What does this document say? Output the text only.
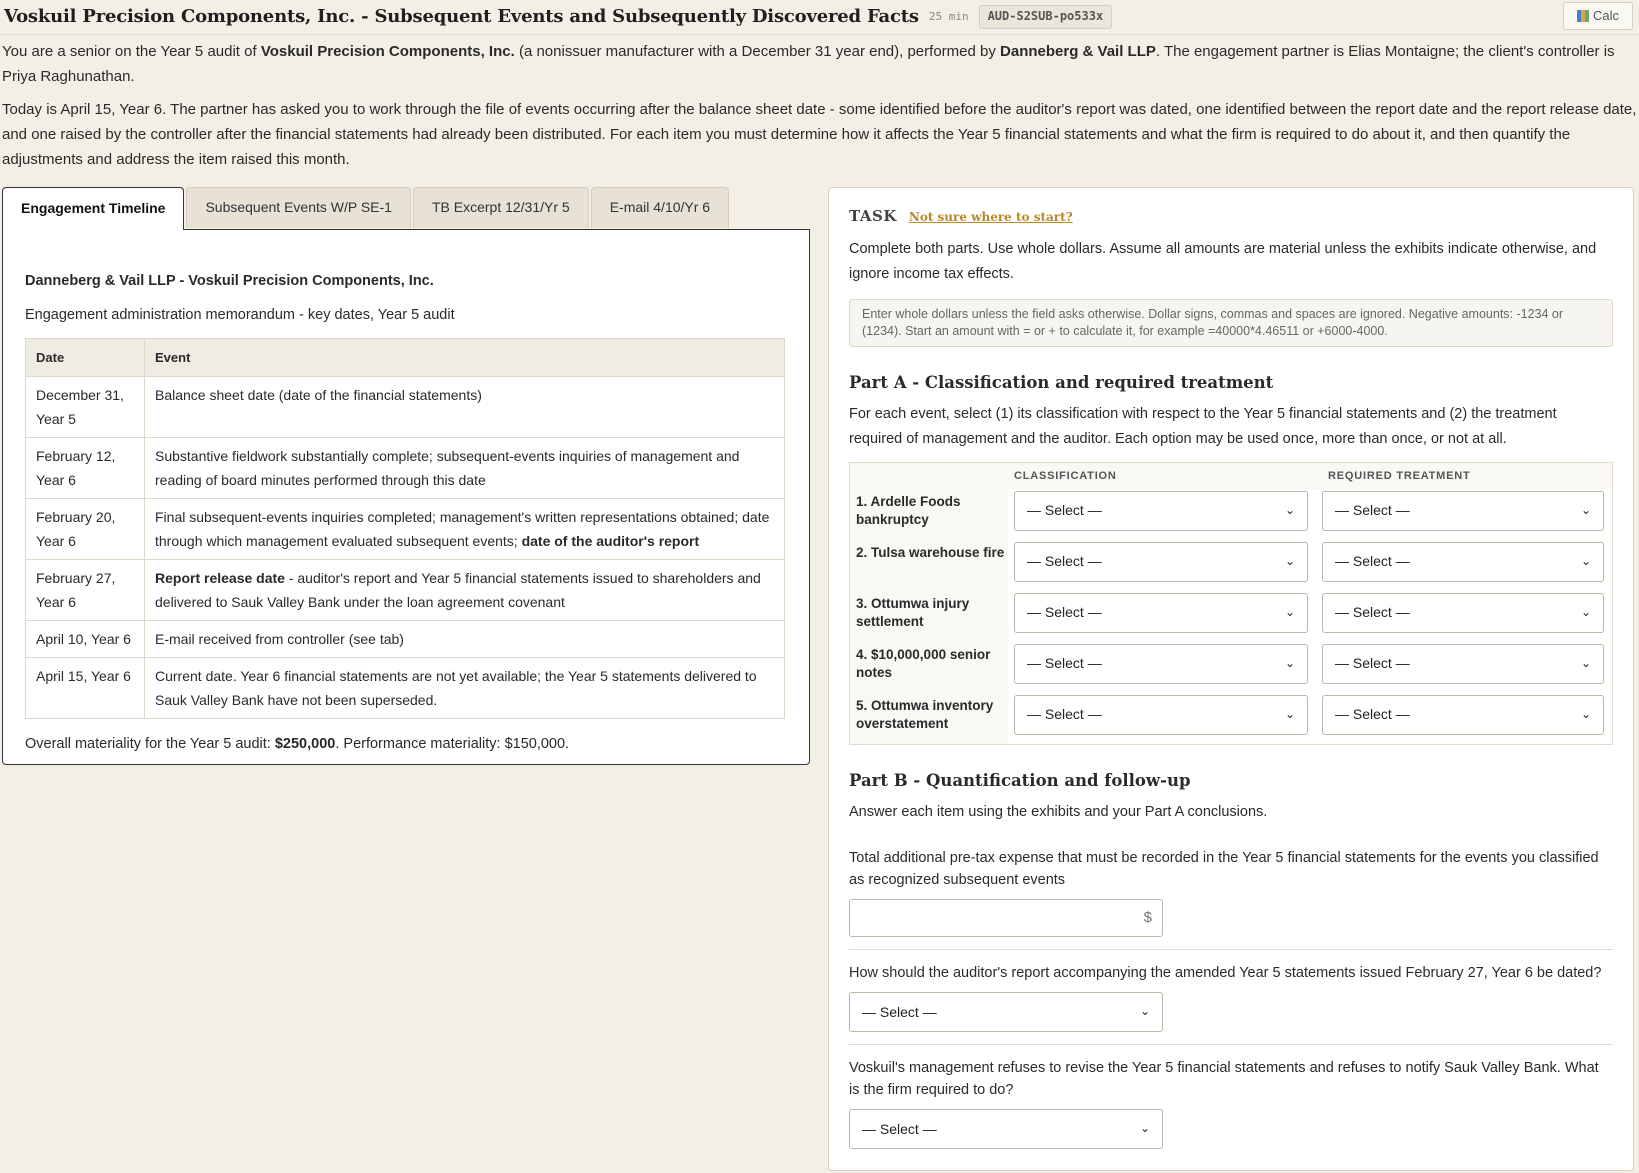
Voskuil Precision Components, Inc. - Subsequent Events and Subsequently Discovered Facts 25 min	AUD-S2SUB-po533x	Calc

You are a senior on the Year 5 audit of Voskuil Precision Components, Inc. (a nonissuer manufacturer with a December 31 year end), performed by Danneberg & Vail LLP. The engagement partner is Elias Montaigne; the client's controller is Priya Raghunathan.

Today is April 15, Year 6. The partner has asked you to work through the file of events occurring after the balance sheet date - some identified before the auditor's report was dated, one identified between the report date and the report release date, and one raised by the controller after the financial statements had already been distributed. For each item you must determine how it affects the Year 5 financial statements and what the firm is required to do about it, and then quantify the adjustments and address the item raised this month.

Engagement Timeline	Subsequent Events W/P SE-1	TB Excerpt 12/31/Yr 5	E-mail 4/10/Yr 6
Danneberg & Vail LLP - Voskuil Precision Components, Inc.
Engagement administration memorandum - key dates, Year 5 audit
Date	Event
December 31, Year 5	Balance sheet date (date of the financial statements)
February 12, Year 6	Substantive fieldwork substantially complete; subsequent-events inquiries of management and reading of board minutes performed through this date
February 20, Year 6	Final subsequent-events inquiries completed; management's written representations obtained; date through which management evaluated subsequent events; date of the auditor's report
February 27, Year 6	Report release date - auditor's report and Year 5 financial statements issued to shareholders and delivered to Sauk Valley Bank under the loan agreement covenant
April 10, Year 6	E-mail received from controller (see tab)
April 15, Year 6	Current date. Year 6 financial statements are not yet available; the Year 5 statements delivered to Sauk Valley Bank have not been superseded.
Overall materiality for the Year 5 audit: $250,000. Performance materiality: $150,000.
TASK Not sure where to start?
Complete both parts. Use whole dollars. Assume all amounts are material unless the exhibits indicate otherwise, and ignore income tax effects.
Enter whole dollars unless the field asks otherwise. Dollar signs, commas and spaces are ignored. Negative amounts: -1234 or (1234). Start an amount with = or + to calculate it, for example =40000*4.46511 or +6000-4000.
Part A - Classification and required treatment
For each event, select (1) its classification with respect to the Year 5 financial statements and (2) the treatment required of management and the auditor. Each option may be used once, more than once, or not at all.
CLASSIFICATION	REQUIRED TREATMENT
1. Ardelle Foods bankruptcy
— Select —	⌄	— Select —	⌄
2. Tulsa warehouse fire
— Select —	⌄	— Select —	⌄
3. Ottumwa injury settlement
— Select —	⌄	— Select —	⌄
4. $10,000,000 senior notes
— Select —	⌄	— Select —	⌄
5. Ottumwa inventory overstatement
— Select —	⌄	— Select —	⌄
Part B - Quantification and follow-up
Answer each item using the exhibits and your Part A conclusions.
Total additional pre-tax expense that must be recorded in the Year 5 financial statements for the events you classified as recognized subsequent events
$
How should the auditor's report accompanying the amended Year 5 statements issued February 27, Year 6 be dated?
— Select —	⌄
Voskuil's management refuses to revise the Year 5 financial statements and refuses to notify Sauk Valley Bank. What is the firm required to do?
— Select —	⌄
